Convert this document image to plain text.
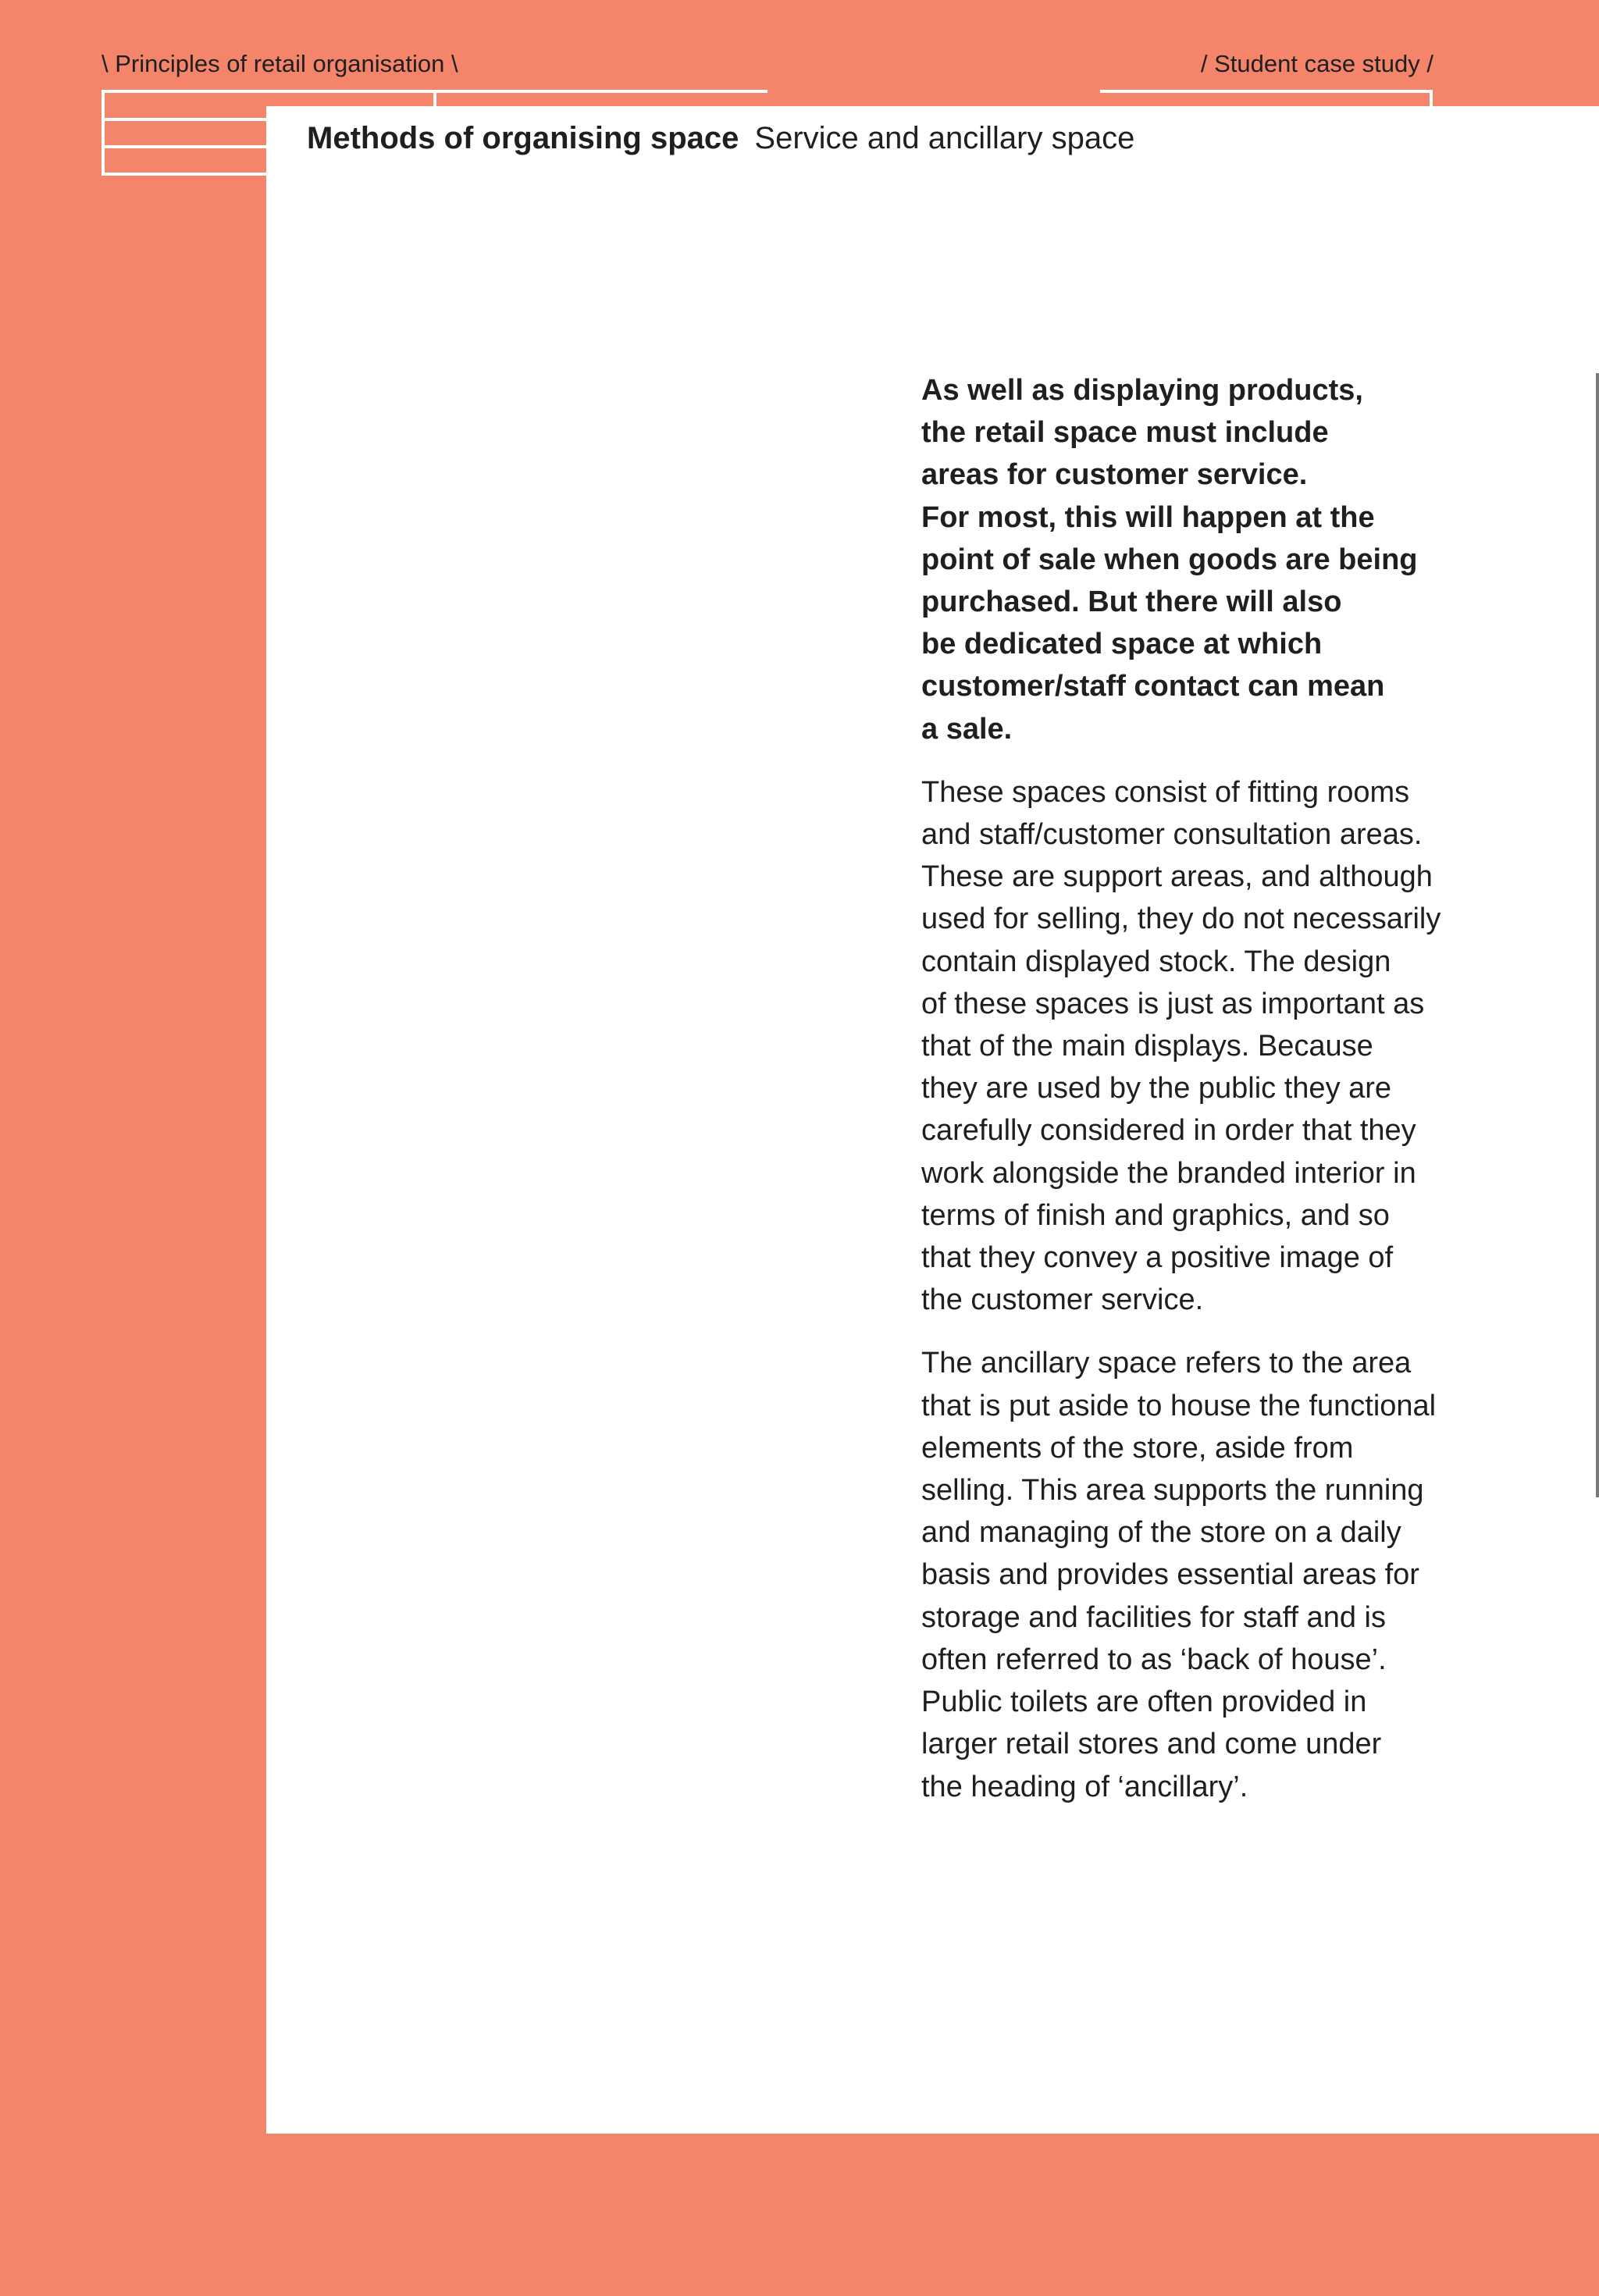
\ Principles of retail organisation \	/ Student case study /
Methods of organising space Service and ancillary space

As well as displaying products,
the retail space must include
areas for customer service.
For most, this will happen at the
point of sale when goods are being
purchased. But there will also
be dedicated space at which
customer/staff contact can mean
a sale.

These spaces consist of fitting rooms
and staff/customer consultation areas.
These are support areas, and although
used for selling, they do not necessarily
contain displayed stock. The design
of these spaces is just as important as
that of the main displays. Because
they are used by the public they are
carefully considered in order that they
work alongside the branded interior in
terms of finish and graphics, and so
that they convey a positive image of
the customer service.

The ancillary space refers to the area
that is put aside to house the functional
elements of the store, aside from
selling. This area supports the running
and managing of the store on a daily
basis and provides essential areas for
storage and facilities for staff and is
often referred to as ‘back of house’.
Public toilets are often provided in
larger retail stores and come under
the heading of ‘ancillary’.
